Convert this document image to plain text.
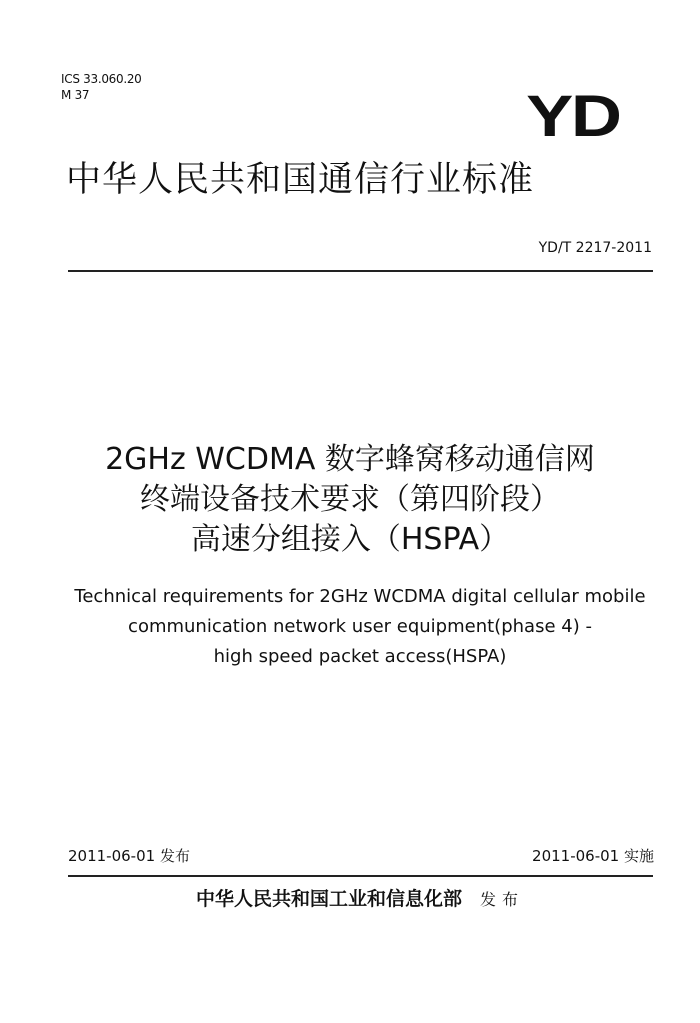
ICS 33.060.20
M 37	YD
中华人民共和国通信行业标准
YD/T 2217-2011
2GHz WCDMA 数字蜂窝移动通信网
终端设备技术要求（第四阶段）
高速分组接入（HSPA）
Technical requirements for 2GHz WCDMA digital cellular mobile
communication network user equipment(phase 4) -
high speed packet access(HSPA)
2011-06-01 发布	2011-06-01 实施
中华人民共和国工业和信息化部 发布
